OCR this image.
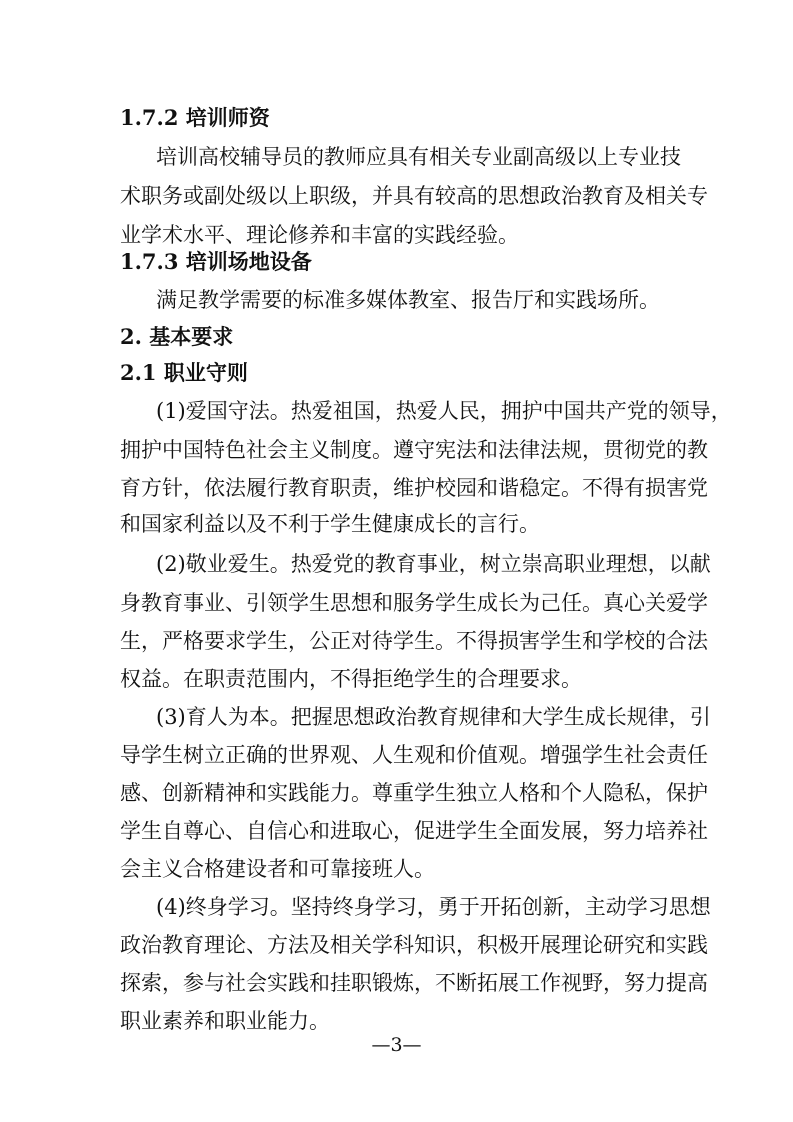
1.7.2 培训师资
培训高校辅导员的教师应具有相关专业副高级以上专业技
术职务或副处级以上职级，并具有较高的思想政治教育及相关专
业学术水平、理论修养和丰富的实践经验。
1.7.3 培训场地设备
满足教学需要的标准多媒体教室、报告厅和实践场所。
2. 基本要求
2.1 职业守则
(1)爱国守法。热爱祖国，热爱人民，拥护中国共产党的领导，
拥护中国特色社会主义制度。遵守宪法和法律法规，贯彻党的教
育方针，依法履行教育职责，维护校园和谐稳定。不得有损害党
和国家利益以及不利于学生健康成长的言行。
(2)敬业爱生。热爱党的教育事业，树立崇高职业理想，以献
身教育事业、引领学生思想和服务学生成长为己任。真心关爱学
生，严格要求学生，公正对待学生。不得损害学生和学校的合法
权益。在职责范围内，不得拒绝学生的合理要求。
(3)育人为本。把握思想政治教育规律和大学生成长规律，引
导学生树立正确的世界观、人生观和价值观。增强学生社会责任
感、创新精神和实践能力。尊重学生独立人格和个人隐私，保护
学生自尊心、自信心和进取心，促进学生全面发展，努力培养社
会主义合格建设者和可靠接班人。
(4)终身学习。坚持终身学习，勇于开拓创新，主动学习思想
政治教育理论、方法及相关学科知识，积极开展理论研究和实践
探索，参与社会实践和挂职锻炼，不断拓展工作视野，努力提高
职业素养和职业能力。
—3—
